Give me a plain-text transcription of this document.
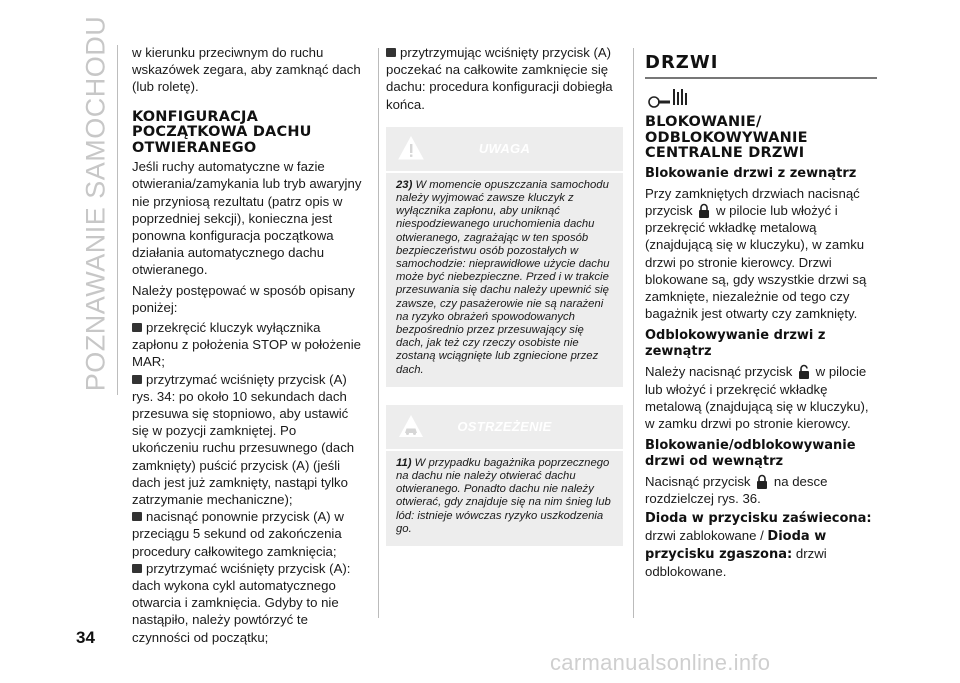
POZNAWANIE SAMOCHODU w kierunku przeciwnym do ruchu wskazówek zegara, aby zamknąć dach (lub roletę).

KONFIGURACJA POCZĄTKOWA DACHU OTWIERANEGO

Jeśli ruchy automatyczne w fazie otwierania/zamykania lub tryb awaryjny nie przyniosą rezultatu (patrz opis w poprzedniej sekcji), konieczna jest ponowna konfiguracja początkowa działania automatycznego dachu otwieranego.

Należy postępować w sposób opisany poniżej:

przekręcić kluczyk wyłącznika zapłonu z położenia STOP w położenie MAR;

przytrzymać wciśnięty przycisk (A) rys. 34: po około 10 sekundach dach przesuwa się stopniowo, aby ustawić się w pozycji zamkniętej. Po ukończeniu ruchu przesuwnego (dach zamknięty) puścić przycisk (A) (jeśli dach jest już zamknięty, nastąpi tylko zatrzymanie mechaniczne);

nacisnąć ponownie przycisk (A) w przeciągu 5 sekund od zakończenia procedury całkowitego zamknięcia;

przytrzymać wciśnięty przycisk (A): dach wykona cykl automatycznego otwarcia i zamknięcia. Gdyby to nie nastąpiło, należy powtórzyć te czynności od początku;

przytrzymując wciśnięty przycisk (A) poczekać na całkowite zamknięcie się dachu: procedura konfiguracji dobiegła końca.

UWAGA

23) W momencie opuszczania samochodu należy wyjmować zawsze kluczyk z wyłącznika zapłonu, aby uniknąć niespodziewanego uruchomienia dachu otwieranego, zagrażając w ten sposób bezpieczeństwu osób pozostałych w samochodzie: nieprawidłowe użycie dachu może być niebezpieczne. Przed i w trakcie przesuwania się dachu należy upewnić się zawsze, czy pasażerowie nie są narażeni na ryzyko obrażeń spowodowanych bezpośrednio przez przesuwający się dach, jak też czy rzeczy osobiste nie zostaną wciągnięte lub zgniecione przez dach.

OSTRZEŻENIE

11) W przypadku bagażnika poprzecznego na dachu nie należy otwierać dachu otwieranego. Ponadto dachu nie należy otwierać, gdy znajduje się na nim śnieg lub lód: istnieje wówczas ryzyko uszkodzenia go.

DRZWI

BLOKOWANIE/ ODBLOKOWYWANIE CENTRALNE DRZWI

Blokowanie drzwi z zewnątrz

Przy zamkniętych drzwiach nacisnąć przycisk w pilocie lub włożyć i przekręcić wkładkę metalową (znajdującą się w kluczyku), w zamku drzwi po stronie kierowcy. Drzwi blokowane są, gdy wszystkie drzwi są zamknięte, niezależnie od tego czy bagażnik jest otwarty czy zamknięty.

Odblokowywanie drzwi z zewnątrz

Należy nacisnąć przycisk w pilocie lub włożyć i przekręcić wkładkę metalową (znajdującą się w kluczyku), w zamku drzwi po stronie kierowcy.

Blokowanie/odblokowywanie drzwi od wewnątrz

Nacisnąć przycisk na desce rozdzielczej rys. 36.

Dioda w przycisku zaświecona:

drzwi zablokowane / Dioda w przycisku zgaszona: drzwi odblokowane.

34
carmanualsonline.info
